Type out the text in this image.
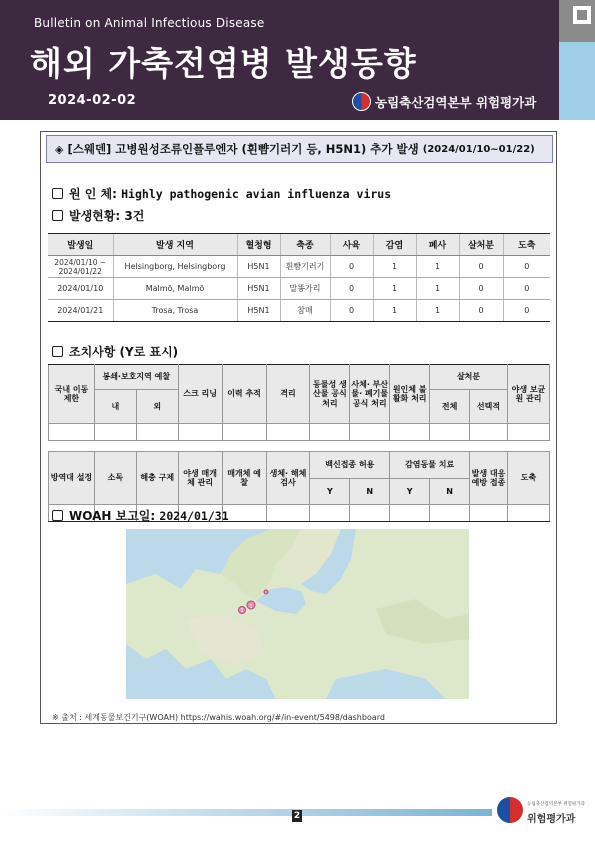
Bulletin on Animal Infectious Disease
해외 가축전염병 발생동향
2024-02-02	농림축산검역본부 위험평가과
◈ [스웨덴] 고병원성조류인플루엔자 (흰뺨기러기 등, H5N1) 추가 발생 (2024/01/10~01/22)
원 인 체:
Highly pathogenic avian influenza virus
발생현황:
3건
발생일	발생 지역	혈청형	축종	사육	감염	폐사	살처분	도축
2024/01/10 ~ 2024/01/22	Helsingborg, Helsingborg	H5N1	흰뺨기러기	0	1	1	0	0
2024/01/10	Malmö, Malmö	H5N1	말똥가리	0	1	1	0	0
2024/01/21	Trosa, Trosa	H5N1	참매	0	1	1	0	0
조치사항 (Y로 표시)
국내 이동 제한	봉쇄·보호지역 예찰		스크 리닝	이력 추적	격리	동물성 생산물 공식 처리	사체· 부산물· 폐기물 공식 처리	원인체 불활화 처리	살처분		야생 보균원 관리
	내	외							전체	선택적	

방역대 설정	소독	해충 구제	야생 매개체 관리	매개체 예찰	생체· 해체 검사	백신접종 허용		감염동물 치료		발생 대응 예방 접종	도축
						Y	N	Y	N		

WOAH 보고일:
2024/01/31
1
1
※ 출처 : 세계동물보건기구(WOAH) https://wahis.woah.org/#/in-event/5498/dashboard
2
농림축산검역본부 위험평가과
위험평가과
